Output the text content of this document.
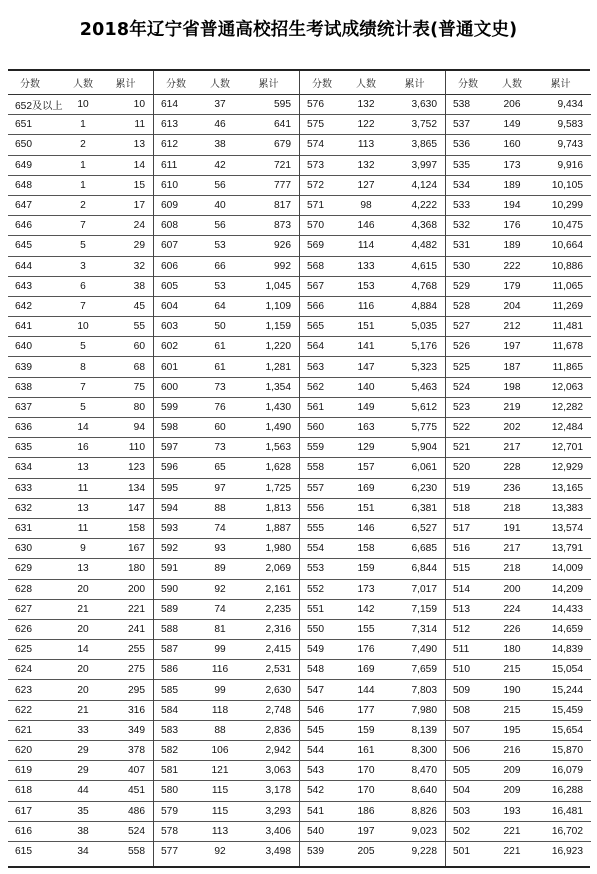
2018年辽宁省普通高校招生考试成绩统计表(普通文史)
分数	人数	累计
652及以上	10	10
651	1	11
650	2	13
649	1	14
648	1	15
647	2	17
646	7	24
645	5	29
644	3	32
643	6	38
642	7	45
641	10	55
640	5	60
639	8	68
638	7	75
637	5	80
636	14	94
635	16	110
634	13	123
633	11	134
632	13	147
631	11	158
630	9	167
629	13	180
628	20	200
627	21	221
626	20	241
625	14	255
624	20	275
623	20	295
622	21	316
621	33	349
620	29	378
619	29	407
618	44	451
617	35	486
616	38	524
615	34	558
分数	人数	累计
614	37	595
613	46	641
612	38	679
611	42	721
610	56	777
609	40	817
608	56	873
607	53	926
606	66	992
605	53	1,045
604	64	1,109
603	50	1,159
602	61	1,220
601	61	1,281
600	73	1,354
599	76	1,430
598	60	1,490
597	73	1,563
596	65	1,628
595	97	1,725
594	88	1,813
593	74	1,887
592	93	1,980
591	89	2,069
590	92	2,161
589	74	2,235
588	81	2,316
587	99	2,415
586	116	2,531
585	99	2,630
584	118	2,748
583	88	2,836
582	106	2,942
581	121	3,063
580	115	3,178
579	115	3,293
578	113	3,406
577	92	3,498
分数	人数	累计
576	132	3,630
575	122	3,752
574	113	3,865
573	132	3,997
572	127	4,124
571	98	4,222
570	146	4,368
569	114	4,482
568	133	4,615
567	153	4,768
566	116	4,884
565	151	5,035
564	141	5,176
563	147	5,323
562	140	5,463
561	149	5,612
560	163	5,775
559	129	5,904
558	157	6,061
557	169	6,230
556	151	6,381
555	146	6,527
554	158	6,685
553	159	6,844
552	173	7,017
551	142	7,159
550	155	7,314
549	176	7,490
548	169	7,659
547	144	7,803
546	177	7,980
545	159	8,139
544	161	8,300
543	170	8,470
542	170	8,640
541	186	8,826
540	197	9,023
539	205	9,228
分数	人数	累计
538	206	9,434
537	149	9,583
536	160	9,743
535	173	9,916
534	189	10,105
533	194	10,299
532	176	10,475
531	189	10,664
530	222	10,886
529	179	11,065
528	204	11,269
527	212	11,481
526	197	11,678
525	187	11,865
524	198	12,063
523	219	12,282
522	202	12,484
521	217	12,701
520	228	12,929
519	236	13,165
518	218	13,383
517	191	13,574
516	217	13,791
515	218	14,009
514	200	14,209
513	224	14,433
512	226	14,659
511	180	14,839
510	215	15,054
509	190	15,244
508	215	15,459
507	195	15,654
506	216	15,870
505	209	16,079
504	209	16,288
503	193	16,481
502	221	16,702
501	221	16,923
